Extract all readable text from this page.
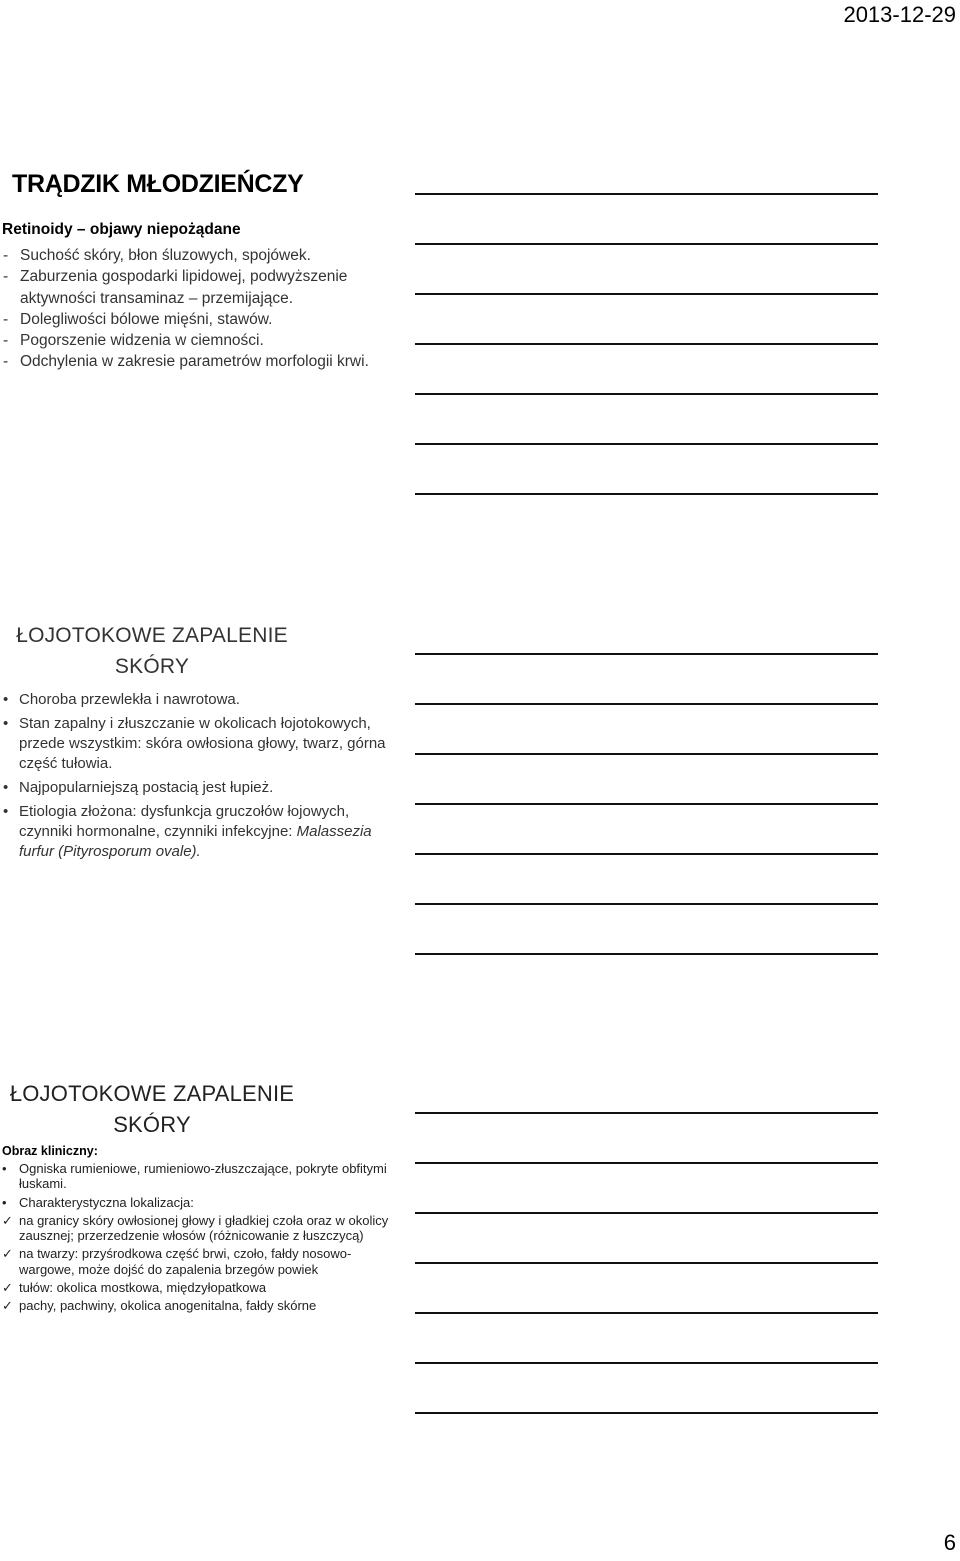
2013-12-29
TRĄDZIK MŁODZIEŃCZY
Retinoidy – objawy niepożądane
- Suchość skóry, błon śluzowych, spojówek.
- Zaburzenia gospodarki lipidowej, podwyższenie aktywności transaminaz – przemijające.
- Dolegliwości bólowe mięśni, stawów.
- Pogorszenie widzenia w ciemności.
- Odchylenia w zakresie parametrów morfologii krwi.
ŁOJOTOKOWE ZAPALENIE
SKÓRY
• Choroba przewlekła i nawrotowa.
• Stan zapalny i złuszczanie w okolicach łojotokowych, przede wszystkim: skóra owłosiona głowy, twarz, górna część tułowia.
• Najpopularniejszą postacią jest łupież.
• Etiologia złożona: dysfunkcja gruczołów łojowych, czynniki hormonalne, czynniki infekcyjne: Malassezia furfur (Pityrosporum ovale).
ŁOJOTOKOWE ZAPALENIE
SKÓRY
Obraz kliniczny:
• Ogniska rumieniowe, rumieniowo-złuszczające, pokryte obfitymi łuskami.
• Charakterystyczna lokalizacja:
✓ na granicy skóry owłosionej głowy i gładkiej czoła oraz w okolicy zausznej; przerzedzenie włosów (różnicowanie z łuszczycą)
✓ na twarzy: przyśrodkowa część brwi, czoło, fałdy nosowo-wargowe, może dojść do zapalenia brzegów powiek
✓ tułów: okolica mostkowa, międzyłopatkowa
✓ pachy, pachwiny, okolica anogenitalna, fałdy skórne
6
